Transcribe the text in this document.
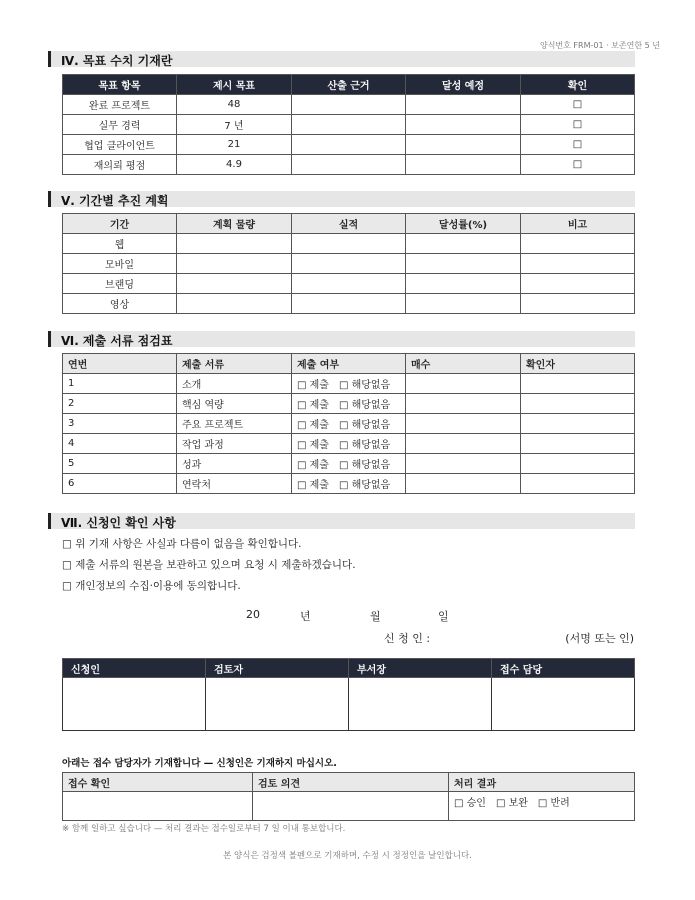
양식번호 FRM-01 · 보존연한 5 년
Ⅳ. 목표 수치 기재란
목표 항목	제시 목표	산출 근거	달성 예정	확인
완료 프로젝트	48			□
실무 경력	7 년			□
협업 클라이언트	21			□
재의뢰 평점	4.9			□
Ⅴ. 기간별 추진 계획
기간	계획 물량	실적	달성률(%)	비고
웹				
모바일				
브랜딩				
영상				
Ⅵ. 제출 서류 점검표
연번	제출 서류	제출 여부	매수	확인자
1	소개	□ 제출　□ 해당없음		
2	핵심 역량	□ 제출　□ 해당없음		
3	주요 프로젝트	□ 제출　□ 해당없음		
4	작업 과정	□ 제출　□ 해당없음		
5	성과	□ 제출　□ 해당없음		
6	연락처	□ 제출　□ 해당없음		
Ⅶ. 신청인 확인 사항
□ 위 기재 사항은 사실과 다름이 없음을 확인합니다.
□ 제출 서류의 원본을 보관하고 있으며 요청 시 제출하겠습니다.
□ 개인정보의 수집·이용에 동의합니다.
20	년	월	일
신 청 인 :	(서명 또는 인)
신청인	검토자	부서장	접수 담당

아래는 접수 담당자가 기재합니다 — 신청인은 기재하지 마십시오.
접수 확인	검토 의견	처리 결과
		□ 승인　□ 보완　□ 반려
※ 함께 일하고 싶습니다 — 처리 결과는 접수일로부터 7 일 이내 통보합니다.
본 양식은 검정색 볼펜으로 기재하며, 수정 시 정정인을 날인합니다.
